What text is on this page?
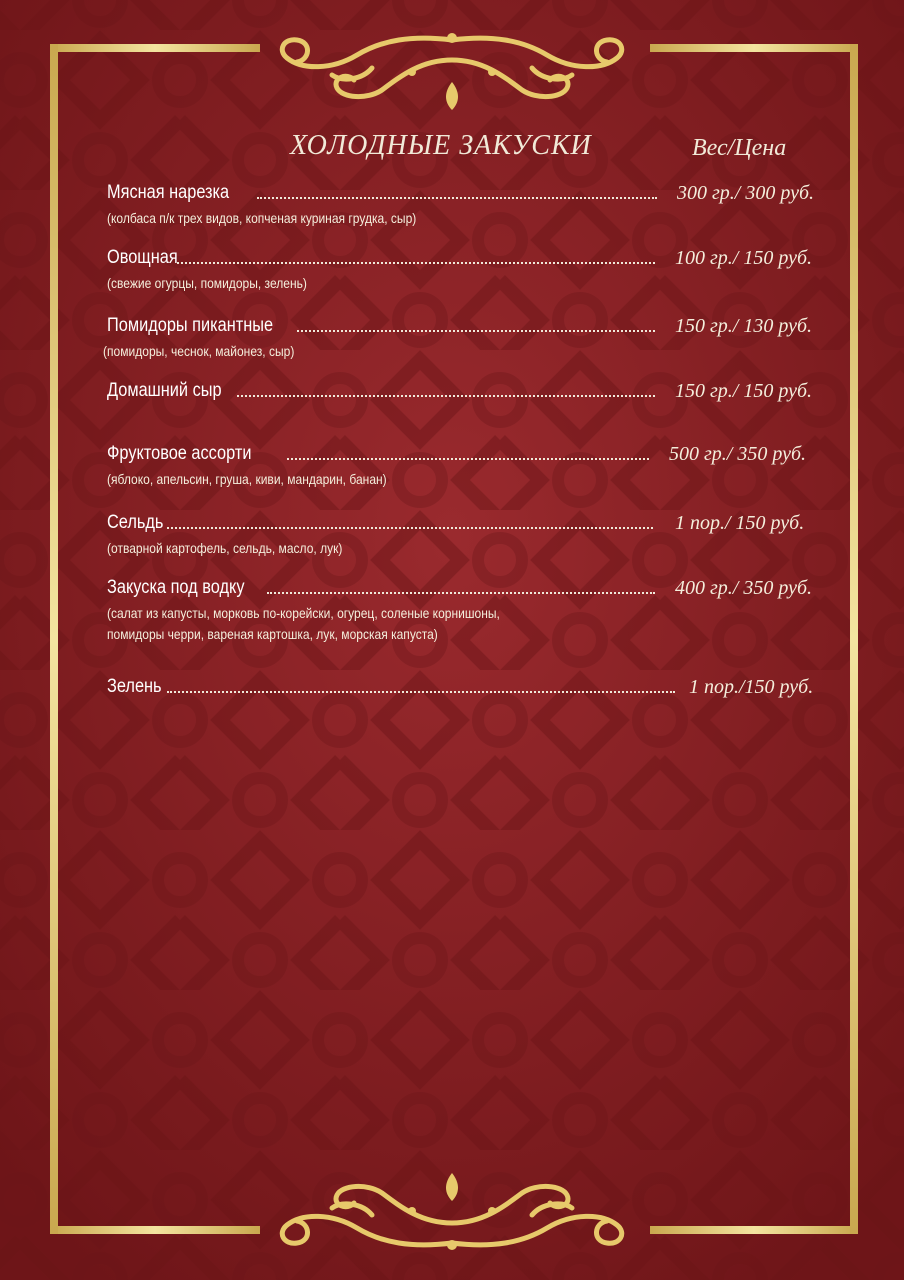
ХОЛОДНЫЕ ЗАКУСКИ	Вес/Цена
Мясная нарезка	300 гр./ 300 руб.
(колбаса п/к трех видов, копченая куриная грудка, сыр)
Овощная	100 гр./ 150 руб.
(свежие огурцы, помидоры, зелень)
Помидоры пикантные	150 гр./ 130 руб.
(помидоры, чеснок, майонез, сыр)
Домашний сыр	150 гр./ 150 руб.
Фруктовое ассорти	500 гр./ 350 руб.
(яблоко, апельсин, груша, киви, мандарин, банан)
Сельдь	1 пор./ 150 руб.
(отварной картофель, сельдь, масло, лук)
Закуска под водку	400 гр./ 350 руб.
(салат из капусты, морковь по-корейски, огурец, соленые корнишоны,
помидоры черри, вареная картошка, лук, морская капуста)
Зелень	1 пор./150 руб.
